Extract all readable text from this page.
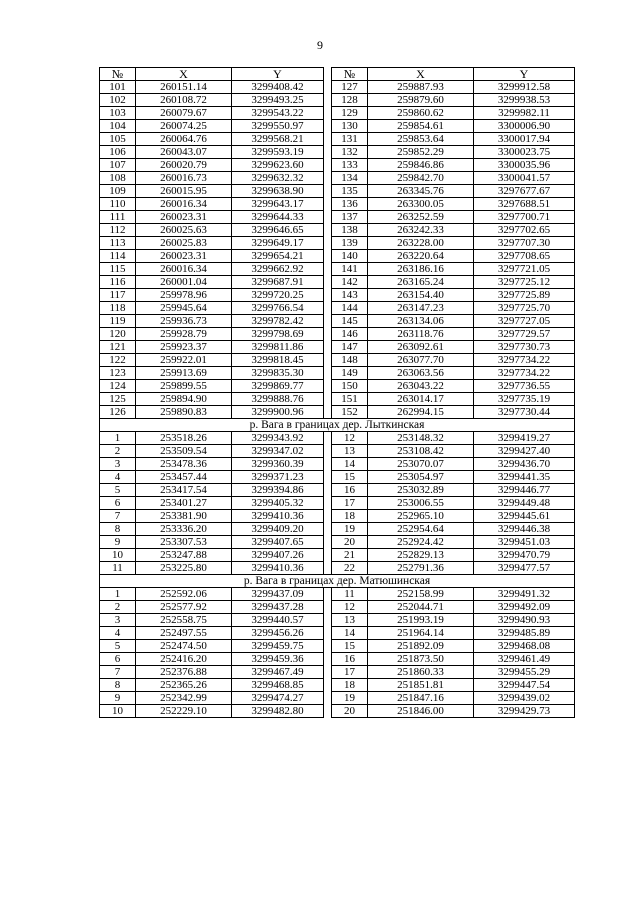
9
№	X	Y		№	X	Y
101	260151.14	3299408.42		127	259887.93	3299912.58
102	260108.72	3299493.25		128	259879.60	3299938.53
103	260079.67	3299543.22		129	259860.62	3299982.11
104	260074.25	3299550.97		130	259854.61	3300006.90
105	260064.76	3299568.21		131	259853.64	3300017.94
106	260043.07	3299593.19		132	259852.29	3300023.75
107	260020.79	3299623.60		133	259846.86	3300035.96
108	260016.73	3299632.32		134	259842.70	3300041.57
109	260015.95	3299638.90		135	263345.76	3297677.67
110	260016.34	3299643.17		136	263300.05	3297688.51
111	260023.31	3299644.33		137	263252.59	3297700.71
112	260025.63	3299646.65		138	263242.33	3297702.65
113	260025.83	3299649.17		139	263228.00	3297707.30
114	260023.31	3299654.21		140	263220.64	3297708.65
115	260016.34	3299662.92		141	263186.16	3297721.05
116	260001.04	3299687.91		142	263165.24	3297725.12
117	259978.96	3299720.25		143	263154.40	3297725.89
118	259945.64	3299766.54		144	263147.23	3297725.70
119	259936.73	3299782.42		145	263134.06	3297727.05
120	259928.79	3299798.69		146	263118.76	3297729.57
121	259923.37	3299811.86		147	263092.61	3297730.73
122	259922.01	3299818.45		148	263077.70	3297734.22
123	259913.69	3299835.30		149	263063.56	3297734.22
124	259899.55	3299869.77		150	263043.22	3297736.55
125	259894.90	3299888.76		151	263014.17	3297735.19
126	259890.83	3299900.96		152	262994.15	3297730.44
р. Вага в границах дер. Лыткинская						
1	253518.26	3299343.92		12	253148.32	3299419.27
2	253509.54	3299347.02		13	253108.42	3299427.40
3	253478.36	3299360.39		14	253070.07	3299436.70
4	253457.44	3299371.23		15	253054.97	3299441.35
5	253417.54	3299394.86		16	253032.89	3299446.77
6	253401.27	3299405.32		17	253006.55	3299449.48
7	253381.90	3299410.36		18	252965.10	3299445.61
8	253336.20	3299409.20		19	252954.64	3299446.38
9	253307.53	3299407.65		20	252924.42	3299451.03
10	253247.88	3299407.26		21	252829.13	3299470.79
11	253225.80	3299410.36		22	252791.36	3299477.57
р. Вага в границах дер. Матюшинская						
1	252592.06	3299437.09		11	252158.99	3299491.32
2	252577.92	3299437.28		12	252044.71	3299492.09
3	252558.75	3299440.57		13	251993.19	3299490.93
4	252497.55	3299456.26		14	251964.14	3299485.89
5	252474.50	3299459.75		15	251892.09	3299468.08
6	252416.20	3299459.36		16	251873.50	3299461.49
7	252376.88	3299467.49		17	251860.33	3299455.29
8	252365.26	3299468.85		18	251851.81	3299447.54
9	252342.99	3299474.27		19	251847.16	3299439.02
10	252229.10	3299482.80		20	251846.00	3299429.73
